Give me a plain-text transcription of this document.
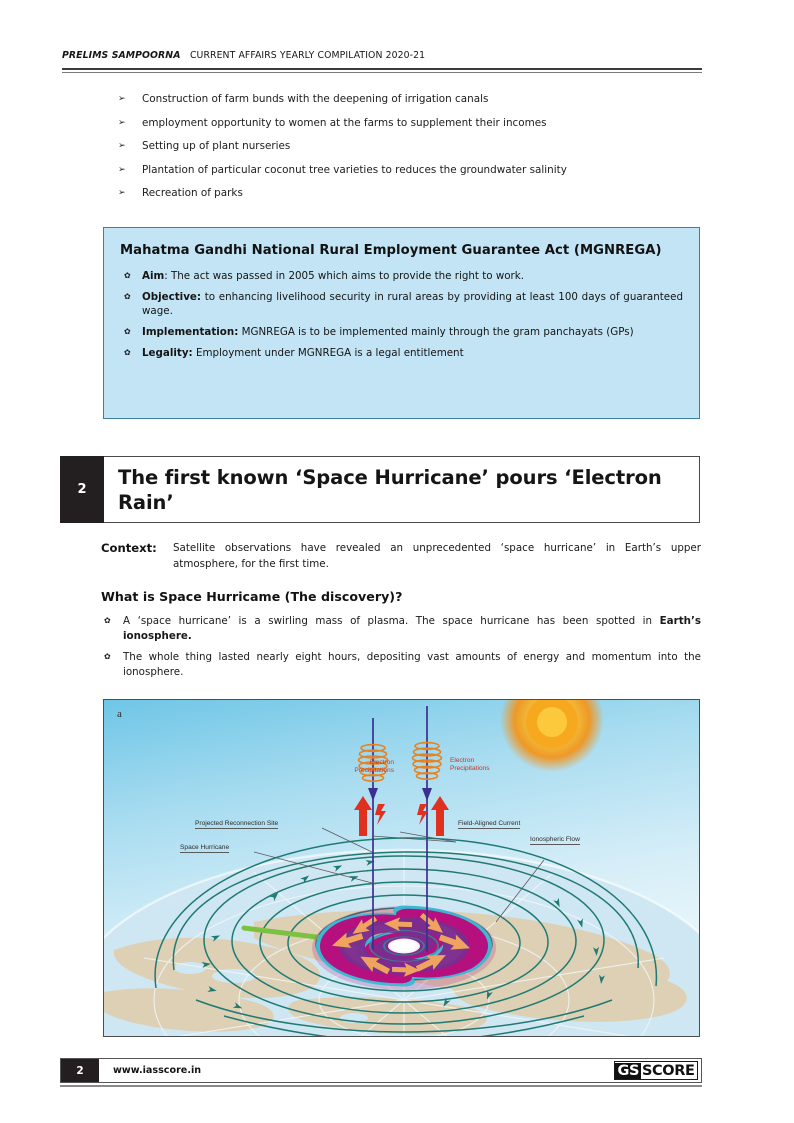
PRELIMS SAMPOORNA CURRENT AFFAIRS YEARLY COMPILATION 2020-21
➢ Construction of farm bunds with the deepening of irrigation canals
➢ employment opportunity to women at the farms to supplement their incomes
➢ Setting up of plant nurseries
➢ Plantation of particular coconut tree varieties to reduces the groundwater salinity
➢ Recreation of parks
Mahatma Gandhi National Rural Employment Guarantee Act (MGNREGA)
✿ Aim: The act was passed in 2005 which aims to provide the right to work.
✿ Objective: to enhancing livelihood security in rural areas by providing at least 100 days of guaranteed wage.
✿ Implementation: MGNREGA is to be implemented mainly through the gram panchayats (GPs)
✿ Legality: Employment under MGNREGA is a legal entitlement
2
The first known ‘Space Hurricane’ pours ‘Electron Rain’
Context:	Satellite observations have revealed an unprecedented ‘space hurricane’ in Earth’s upper atmosphere, for the first time.
What is Space Hurricame (The discovery)?
✿ A ‘space hurricane’ is a swirling mass of plasma. The space hurricane has been spotted in Earth’s ionosphere.
✿ The whole thing lasted nearly eight hours, depositing vast amounts of energy and momentum into the ionosphere.
a
Electron
Precipitations
Electron
Precipitations
Projected Reconnection Site
Space Hurricane
Field-Aligned Current
Ionospheric Flow
2	www.iasscore.in	GS SCORE
